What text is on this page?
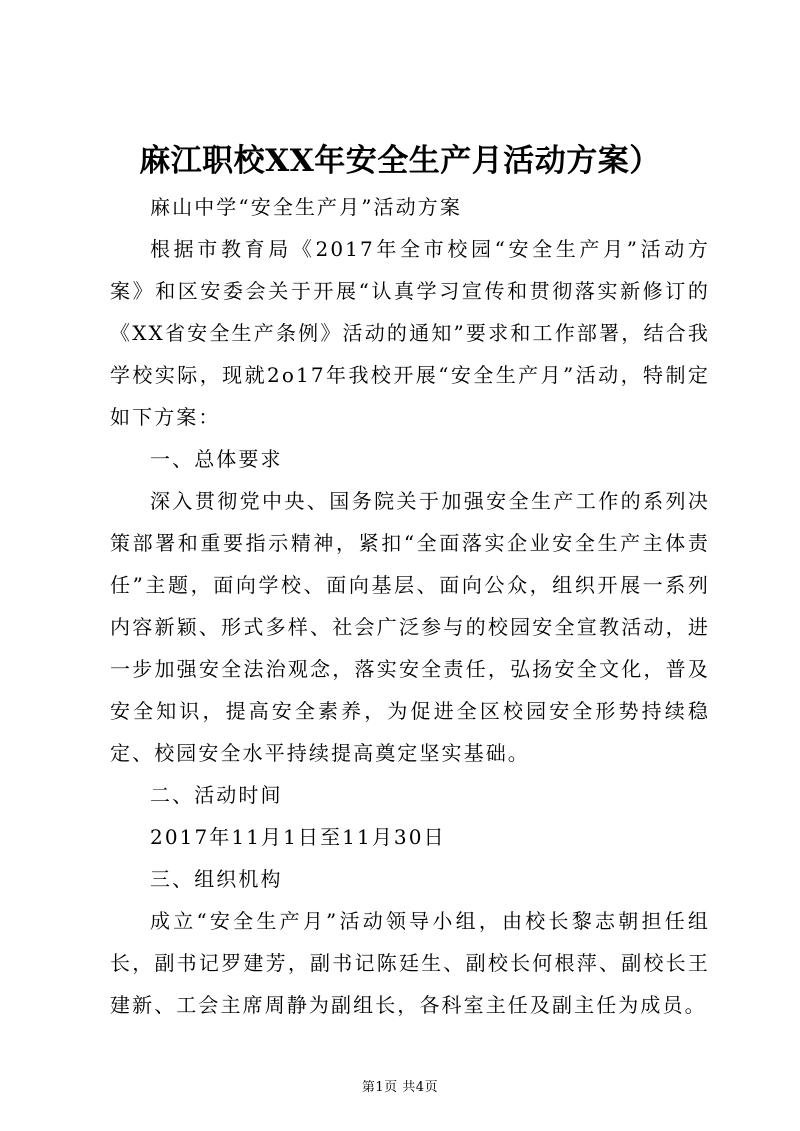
麻江职校XX年安全生产月活动方案）

麻山中学“安全生产月”活动方案

根据市教育局《2017年全市校园“安全生产月”活动方案》和区安委会关于开展“认真学习宣传和贯彻落实新修订的《XX省安全生产条例》活动的通知”要求和工作部署，结合我学校实际，现就2o17年我校开展“安全生产月”活动，特制定如下方案：

一、总体要求

深入贯彻党中央、国务院关于加强安全生产工作的系列决策部署和重要指示精神，紧扣“全面落实企业安全生产主体责任”主题，面向学校、面向基层、面向公众，组织开展一系列内容新颖、形式多样、社会广泛参与的校园安全宣教活动，进一步加强安全法治观念，落实安全责任，弘扬安全文化，普及安全知识，提高安全素养，为促进全区校园安全形势持续稳定、校园安全水平持续提高奠定坚实基础。

二、活动时间

2017年11月1日至11月30日

三、组织机构

成立“安全生产月”活动领导小组，由校长黎志朝担任组长，副书记罗建芳，副书记陈廷生、副校长何根萍、副校长王建新、工会主席周静为副组长，各科室主任及副主任为成员。

第1页 共4页
